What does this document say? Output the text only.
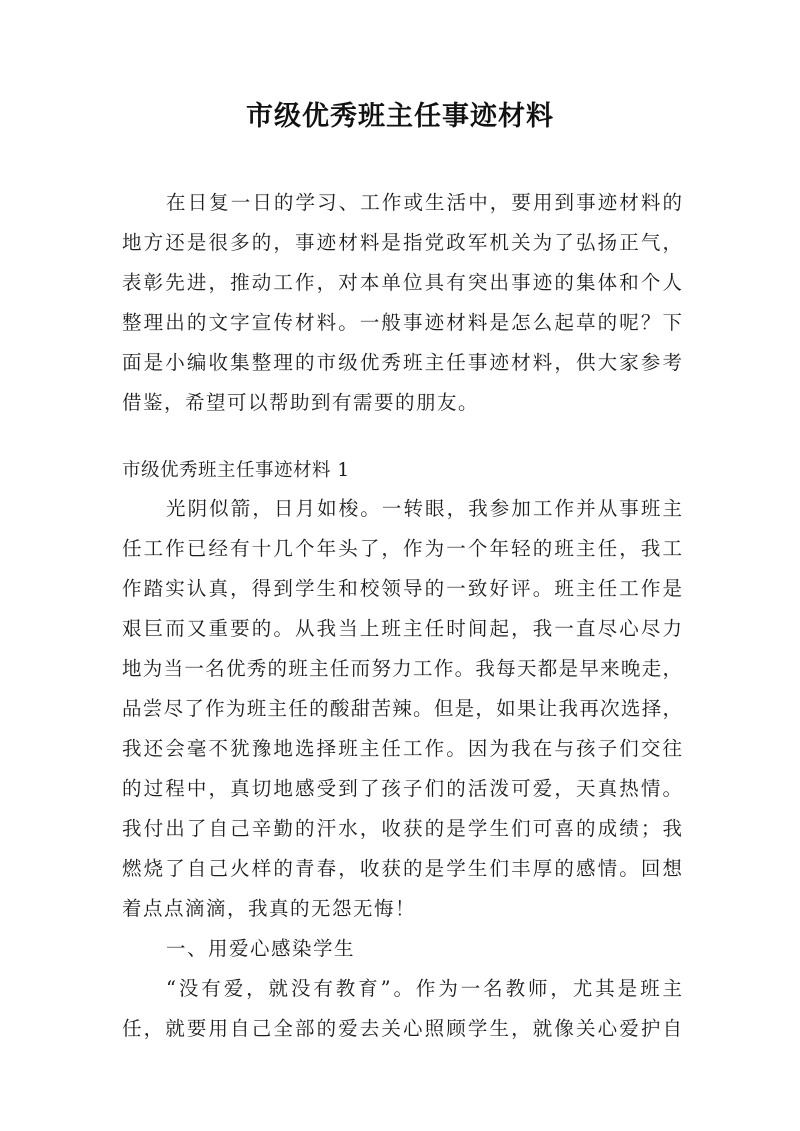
市级优秀班主任事迹材料
在日复一日的学习、工作或生活中，要用到事迹材料的
地方还是很多的，事迹材料是指党政军机关为了弘扬正气，
表彰先进，推动工作，对本单位具有突出事迹的集体和个人
整理出的文字宣传材料。一般事迹材料是怎么起草的呢？下
面是小编收集整理的市级优秀班主任事迹材料，供大家参考
借鉴，希望可以帮助到有需要的朋友。
市级优秀班主任事迹材料 1
光阴似箭，日月如梭。一转眼，我参加工作并从事班主
任工作已经有十几个年头了，作为一个年轻的班主任，我工
作踏实认真，得到学生和校领导的一致好评。班主任工作是
艰巨而又重要的。从我当上班主任时间起，我一直尽心尽力
地为当一名优秀的班主任而努力工作。我每天都是早来晚走，
品尝尽了作为班主任的酸甜苦辣。但是，如果让我再次选择，
我还会毫不犹豫地选择班主任工作。因为我在与孩子们交往
的过程中，真切地感受到了孩子们的活泼可爱，天真热情。
我付出了自己辛勤的汗水，收获的是学生们可喜的成绩；我
燃烧了自己火样的青春，收获的是学生们丰厚的感情。回想
着点点滴滴，我真的无怨无悔！
一、用爱心感染学生
“没有爱，就没有教育”。作为一名教师，尤其是班主
任，就要用自己全部的爱去关心照顾学生，就像关心爱护自
